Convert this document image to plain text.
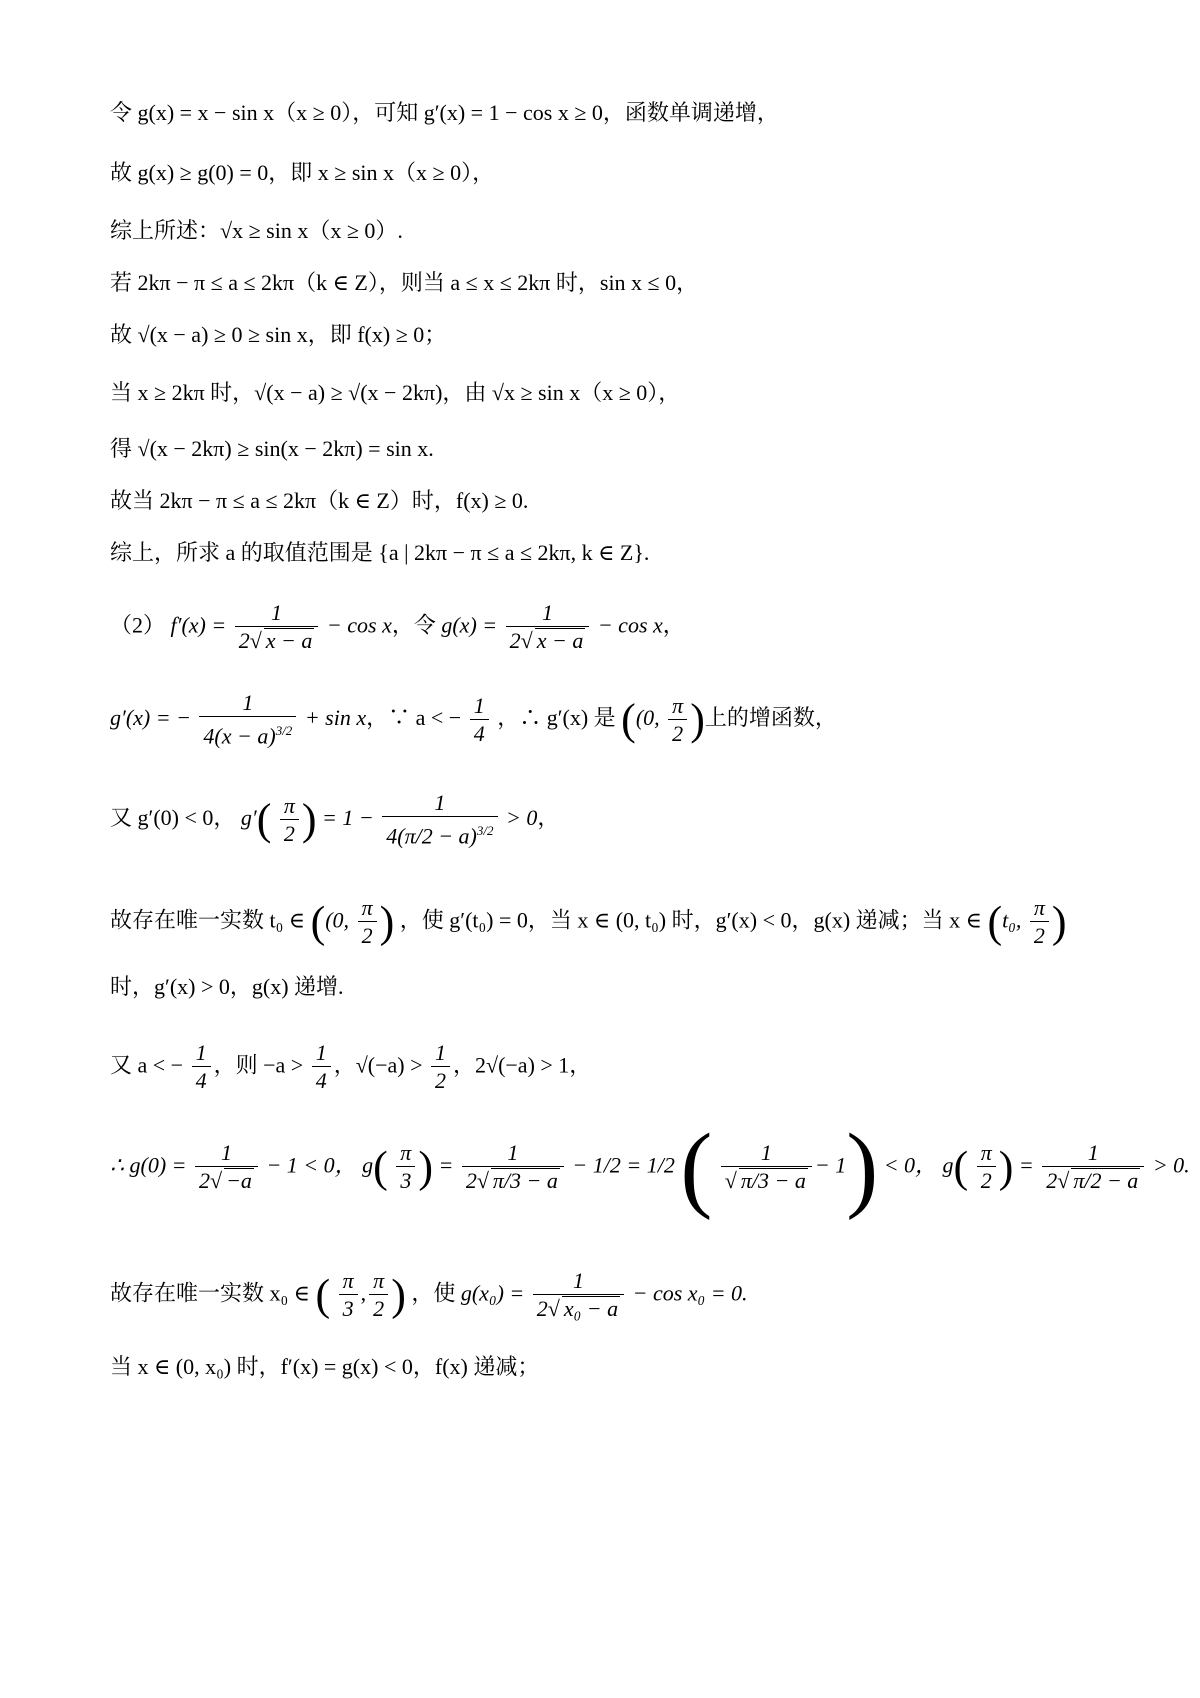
令 g(x) = x − sin x（x ≥ 0），可知 g′(x) = 1 − cos x ≥ 0，函数单调递增，
故 g(x) ≥ g(0) = 0，即 x ≥ sin x（x ≥ 0），
综上所述：√x ≥ sin x（x ≥ 0）.
若 2kπ − π ≤ a ≤ 2kπ（k ∈ Z），则当 a ≤ x ≤ 2kπ 时，sin x ≤ 0，
故 √(x − a) ≥ 0 ≥ sin x，即 f(x) ≥ 0；
当 x ≥ 2kπ 时，√(x − a) ≥ √(x − 2kπ)，由 √x ≥ sin x（x ≥ 0），
得 √(x − 2kπ) ≥ sin(x − 2kπ) = sin x.
故当 2kπ − π ≤ a ≤ 2kπ（k ∈ Z）时，f(x) ≥ 0.
综上，所求 a 的取值范围是 {a | 2kπ − π ≤ a ≤ 2kπ, k ∈ Z}.
（2） $f'(x) = \frac{1}{2√ x - a} - \cos x$，令 $g(x) = \frac{1}{2√ x - a} - \cos x$，
g′(x) = − $\frac{1}{4(x - a)^{3/2}} + \sin x$，∵ a < − $\frac{1}{4}$ ，∴ g′(x) 是 ((0, $\frac{\pi}{2}$ )上的增函数，
又 g′(0) < 0， $g'( \frac{\pi}{2}$ ) = $1 - \frac{1}{4(\pi/2 - a)^{3/2}} > 0$，
故存在唯一实数 t₀ ∈ ((0, $\frac{\pi}{2}$ ) ，使 g′(t₀) = 0，当 x ∈ (0, t₀) 时，g′(x) < 0，g(x) 递减；当 x ∈ (t₀, $\frac{\pi}{2}$ )
时，g′(x) > 0，g(x) 递增.
又 a < − $\frac{1}{4}$ ，则 $-a > \frac{1}{4}$ ，$√(-a) > \frac{1}{2}$ ，2√(−a) > 1，
∴ $g(0) = \frac{1}{2√ -a} - 1 < 0$， $g( \frac{\pi}{3}$ ) = $\frac{1}{2√ \pi/3 - a} - 1/2 = 1/2$ ( $\frac{1}{√ \pi/3 - a} - 1) < 0$， $g( \frac{\pi}{2}$ ) = $\frac{1}{2√ \pi/2 - a} > 0$.
故存在唯一实数 x₀ ∈ ( $\frac{\pi}{3}$ , $\frac{\pi}{2}$ ) ，使 $g(x_0) = \frac{1}{\text{2√ x₀ − a}} - \cos x_0 = 0$.
当 x ∈ (0, x₀) 时，f′(x) = g(x) < 0，f(x) 递减；
